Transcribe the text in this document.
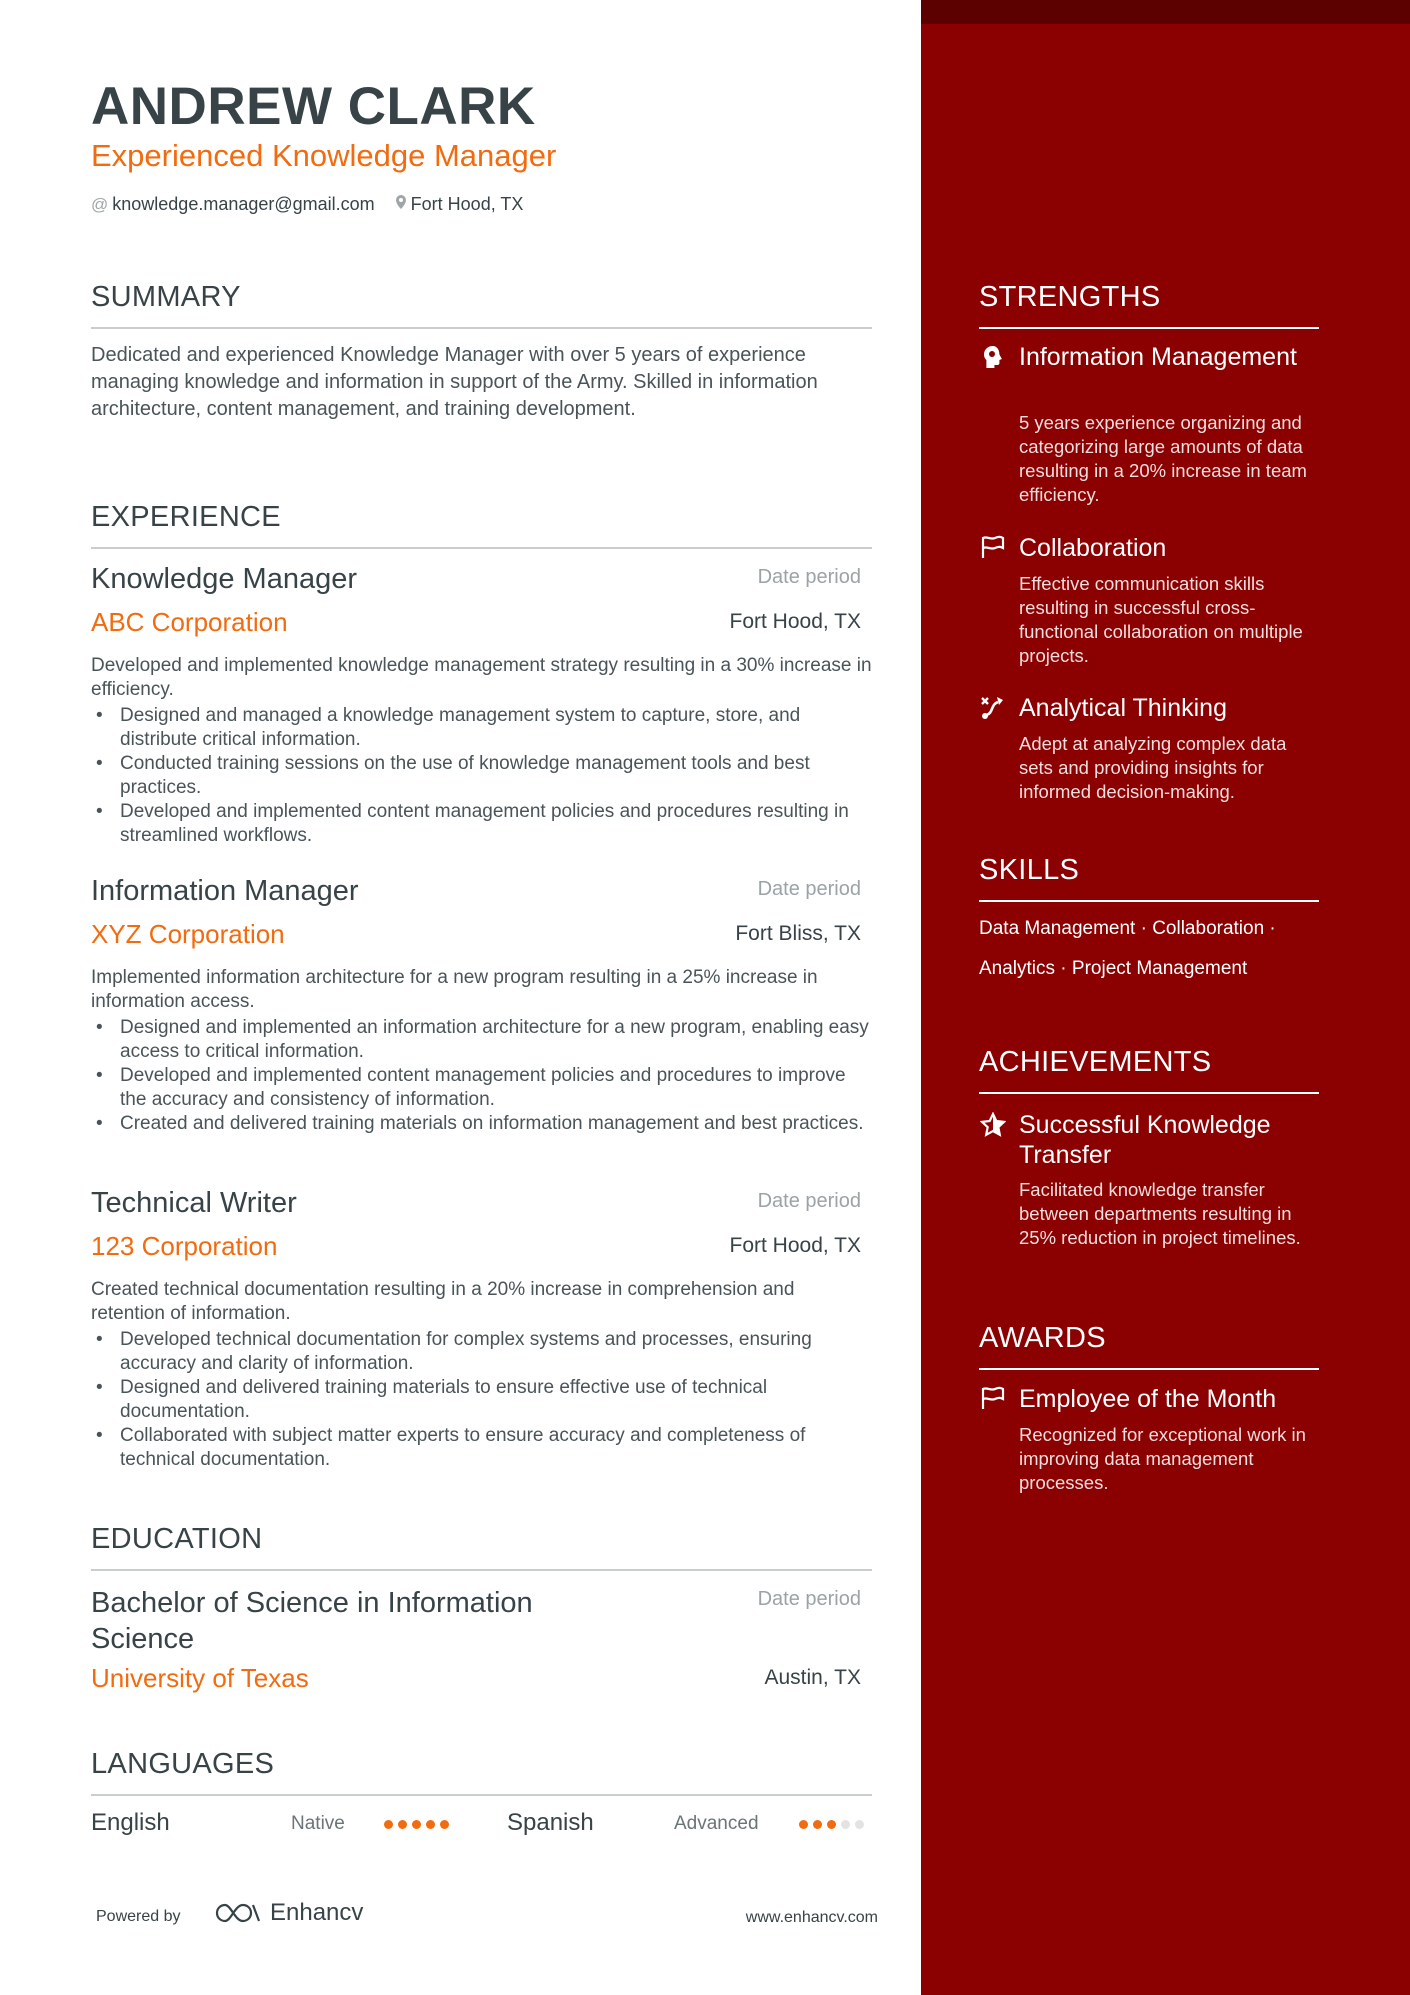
ANDREW CLARK
Experienced Knowledge Manager
@ knowledge.manager@gmail.com Fort Hood, TX
SUMMARY
Dedicated and experienced Knowledge Manager with over 5 years of experience managing knowledge and information in support of the Army. Skilled in information architecture, content management, and training development.
EXPERIENCE
Knowledge Manager	Date period
ABC Corporation	Fort Hood, TX
Developed and implemented knowledge management strategy resulting in a 30% increase in efficiency.
• Designed and managed a knowledge management system to capture, store, and distribute critical information.
• Conducted training sessions on the use of knowledge management tools and best practices.
• Developed and implemented content management policies and procedures resulting in streamlined workflows.
Information Manager	Date period
XYZ Corporation	Fort Bliss, TX
Implemented information architecture for a new program resulting in a 25% increase in information access.
• Designed and implemented an information architecture for a new program, enabling easy access to critical information.
• Developed and implemented content management policies and procedures to improve the accuracy and consistency of information.
• Created and delivered training materials on information management and best practices.
Technical Writer	Date period
123 Corporation	Fort Hood, TX
Created technical documentation resulting in a 20% increase in comprehension and retention of information.
• Developed technical documentation for complex systems and processes, ensuring accuracy and clarity of information.
• Designed and delivered training materials to ensure effective use of technical documentation.
• Collaborated with subject matter experts to ensure accuracy and completeness of technical documentation.
EDUCATION
Bachelor of Science in Information Science
Date period
University of Texas	Austin, TX
LANGUAGES
English	Native	Spanish	Advanced
Powered by	Enhancv	www.enhancv.com
STRENGTHS
Information Management
5 years experience organizing and categorizing large amounts of data resulting in a 20% increase in team efficiency.
Collaboration
Effective communication skills resulting in successful cross-functional collaboration on multiple projects.
Analytical Thinking
Adept at analyzing complex data sets and providing insights for informed decision-making.
SKILLS
Data Management · Collaboration ·
Analytics · Project Management
ACHIEVEMENTS
Successful Knowledge Transfer
Facilitated knowledge transfer between departments resulting in 25% reduction in project timelines.
AWARDS
Employee of the Month
Recognized for exceptional work in improving data management processes.
